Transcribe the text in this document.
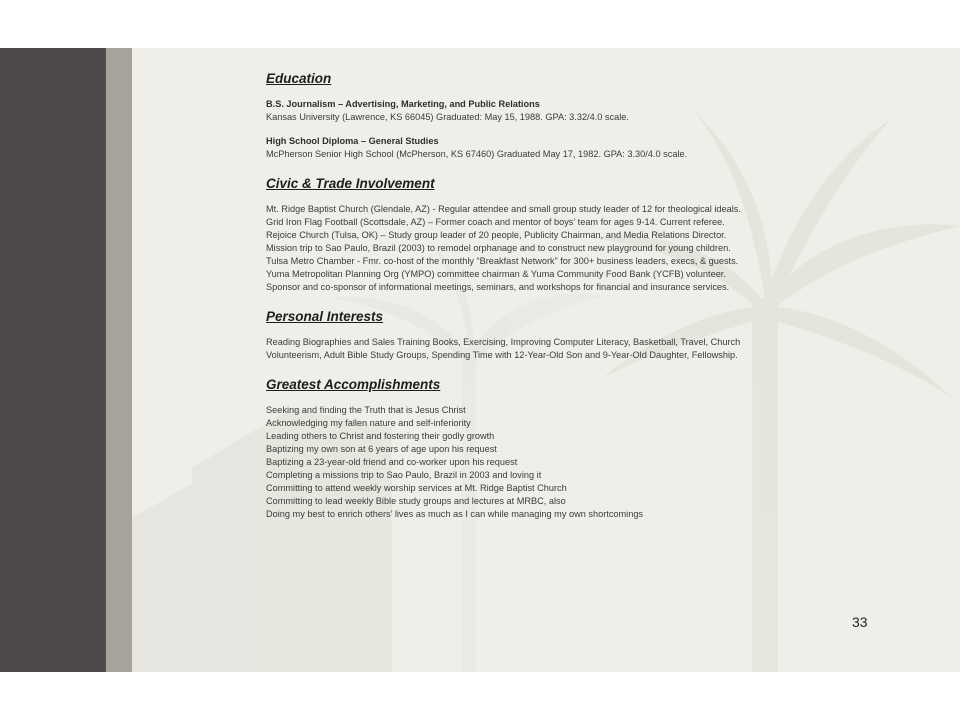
33
Education
B.S. Journalism – Advertising, Marketing, and Public Relations
Kansas University (Lawrence, KS 66045) Graduated: May 15, 1988. GPA: 3.32/4.0 scale.
High School Diploma – General Studies
McPherson Senior High School (McPherson, KS 67460) Graduated May 17, 1982. GPA: 3.30/4.0 scale.
Civic & Trade Involvement
Mt. Ridge Baptist Church (Glendale, AZ) - Regular attendee and small group study leader of 12 for theological ideals.
Grid Iron Flag Football (Scottsdale, AZ) – Former coach and mentor of boys’ team for ages 9-14. Current referee.
Rejoice Church (Tulsa, OK) – Study group leader of 20 people, Publicity Chairman, and Media Relations Director.
Mission trip to Sao Paulo, Brazil (2003) to remodel orphanage and to construct new playground for young children.
Tulsa Metro Chamber - Fmr. co-host of the monthly “Breakfast Network” for 300+ business leaders, execs, & guests.
Yuma Metropolitan Planning Org (YMPO) committee chairman & Yuma Community Food Bank (YCFB) volunteer.
Sponsor and co-sponsor of informational meetings, seminars, and workshops for financial and insurance services.
Personal Interests
Reading Biographies and Sales Training Books, Exercising, Improving Computer Literacy, Basketball, Travel, Church
Volunteerism, Adult Bible Study Groups, Spending Time with 12-Year-Old Son and 9-Year-Old Daughter, Fellowship.
Greatest Accomplishments
Seeking and finding the Truth that is Jesus Christ
Acknowledging my fallen nature and self-inferiority
Leading others to Christ and fostering their godly growth
Baptizing my own son at 6 years of age upon his request
Baptizing a 23-year-old friend and co-worker upon his request
Completing a missions trip to Sao Paulo, Brazil in 2003 and loving it
Committing to attend weekly worship services at Mt. Ridge Baptist Church
Committing to lead weekly Bible study groups and lectures at MRBC, also
Doing my best to enrich others’ lives as much as I can while managing my own shortcomings
